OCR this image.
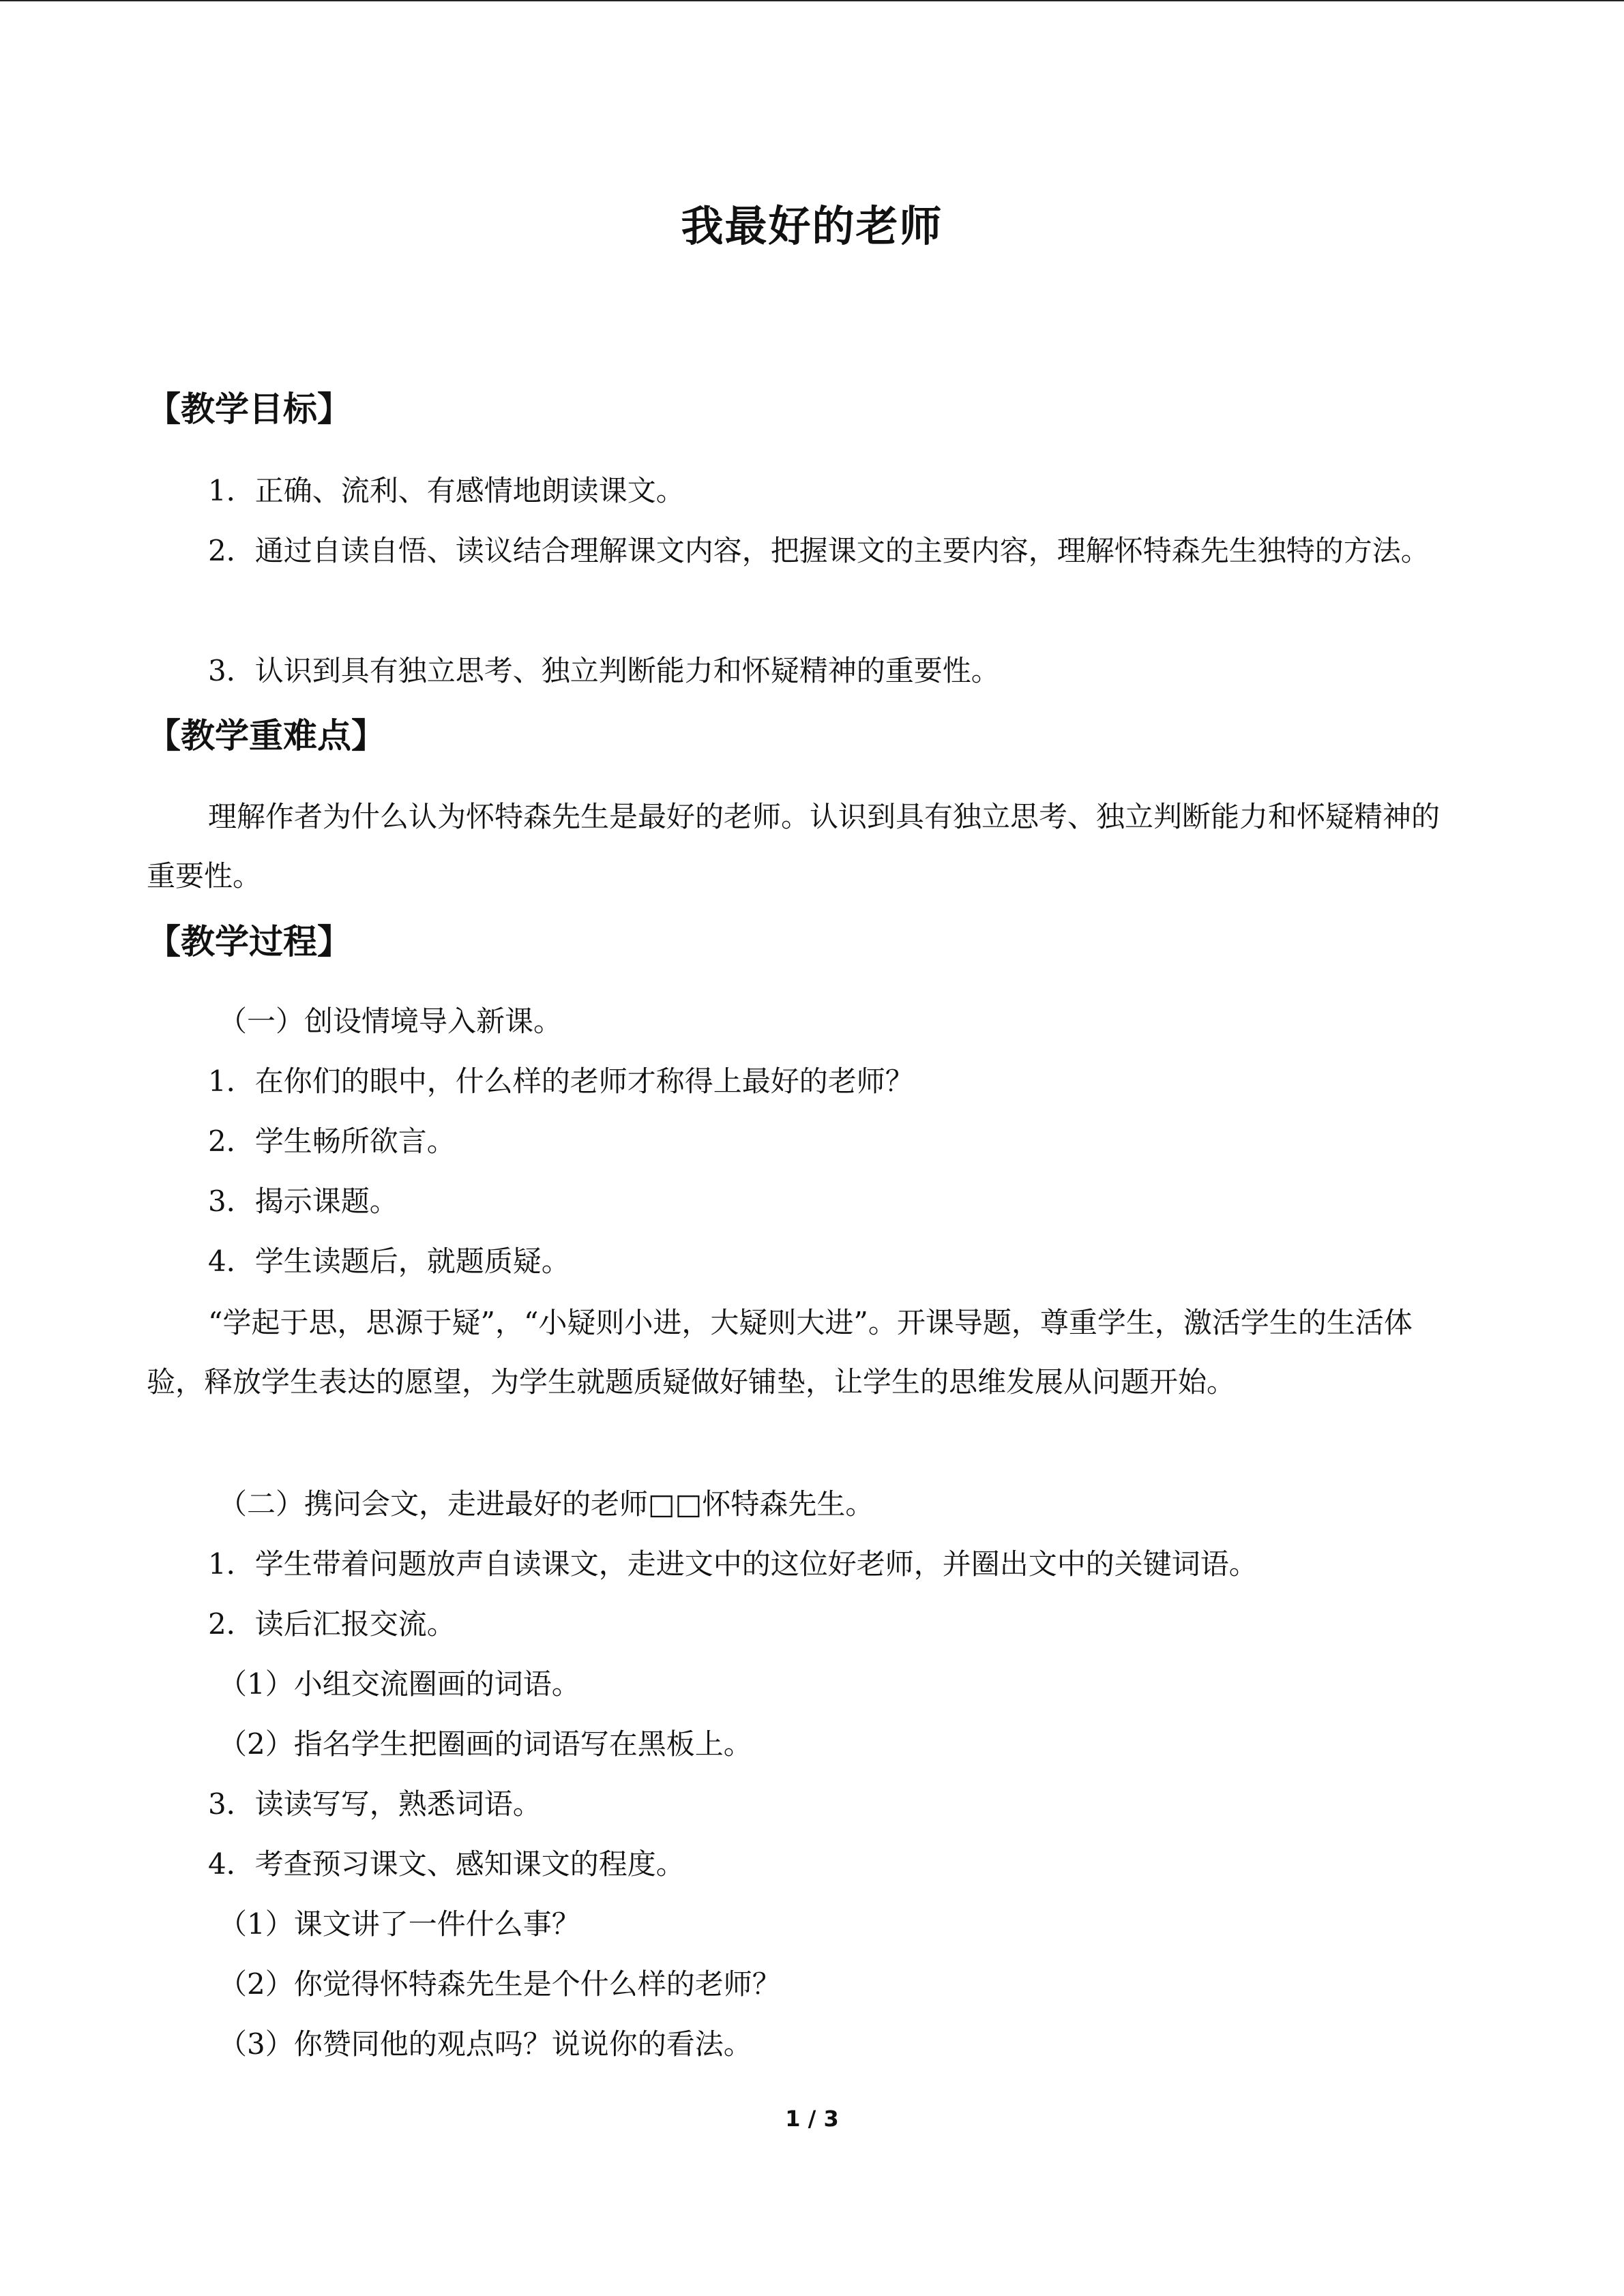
我最好的老师
【教学目标】
1．正确、流利、有感情地朗读课文。
2．通过自读自悟、读议结合理解课文内容，把握课文的主要内容，理解怀特森先生独特的方法。
3．认识到具有独立思考、独立判断能力和怀疑精神的重要性。
【教学重难点】
理解作者为什么认为怀特森先生是最好的老师。认识到具有独立思考、独立判断能力和怀疑精神的重要性。
【教学过程】
（一）创设情境导入新课。
1．在你们的眼中，什么样的老师才称得上最好的老师？
2．学生畅所欲言。
3．揭示课题。
4．学生读题后，就题质疑。
“学起于思，思源于疑”，“小疑则小进，大疑则大进”。开课导题，尊重学生，激活学生的生活体验，释放学生表达的愿望，为学生就题质疑做好铺垫，让学生的思维发展从问题开始。
（二）携问会文，走进最好的老师□□怀特森先生。
1．学生带着问题放声自读课文，走进文中的这位好老师，并圈出文中的关键词语。
2．读后汇报交流。
（1）小组交流圈画的词语。
（2）指名学生把圈画的词语写在黑板上。
3．读读写写，熟悉词语。
4．考查预习课文、感知课文的程度。
（1）课文讲了一件什么事？
（2）你觉得怀特森先生是个什么样的老师？
（3）你赞同他的观点吗？说说你的看法。
1 / 3
